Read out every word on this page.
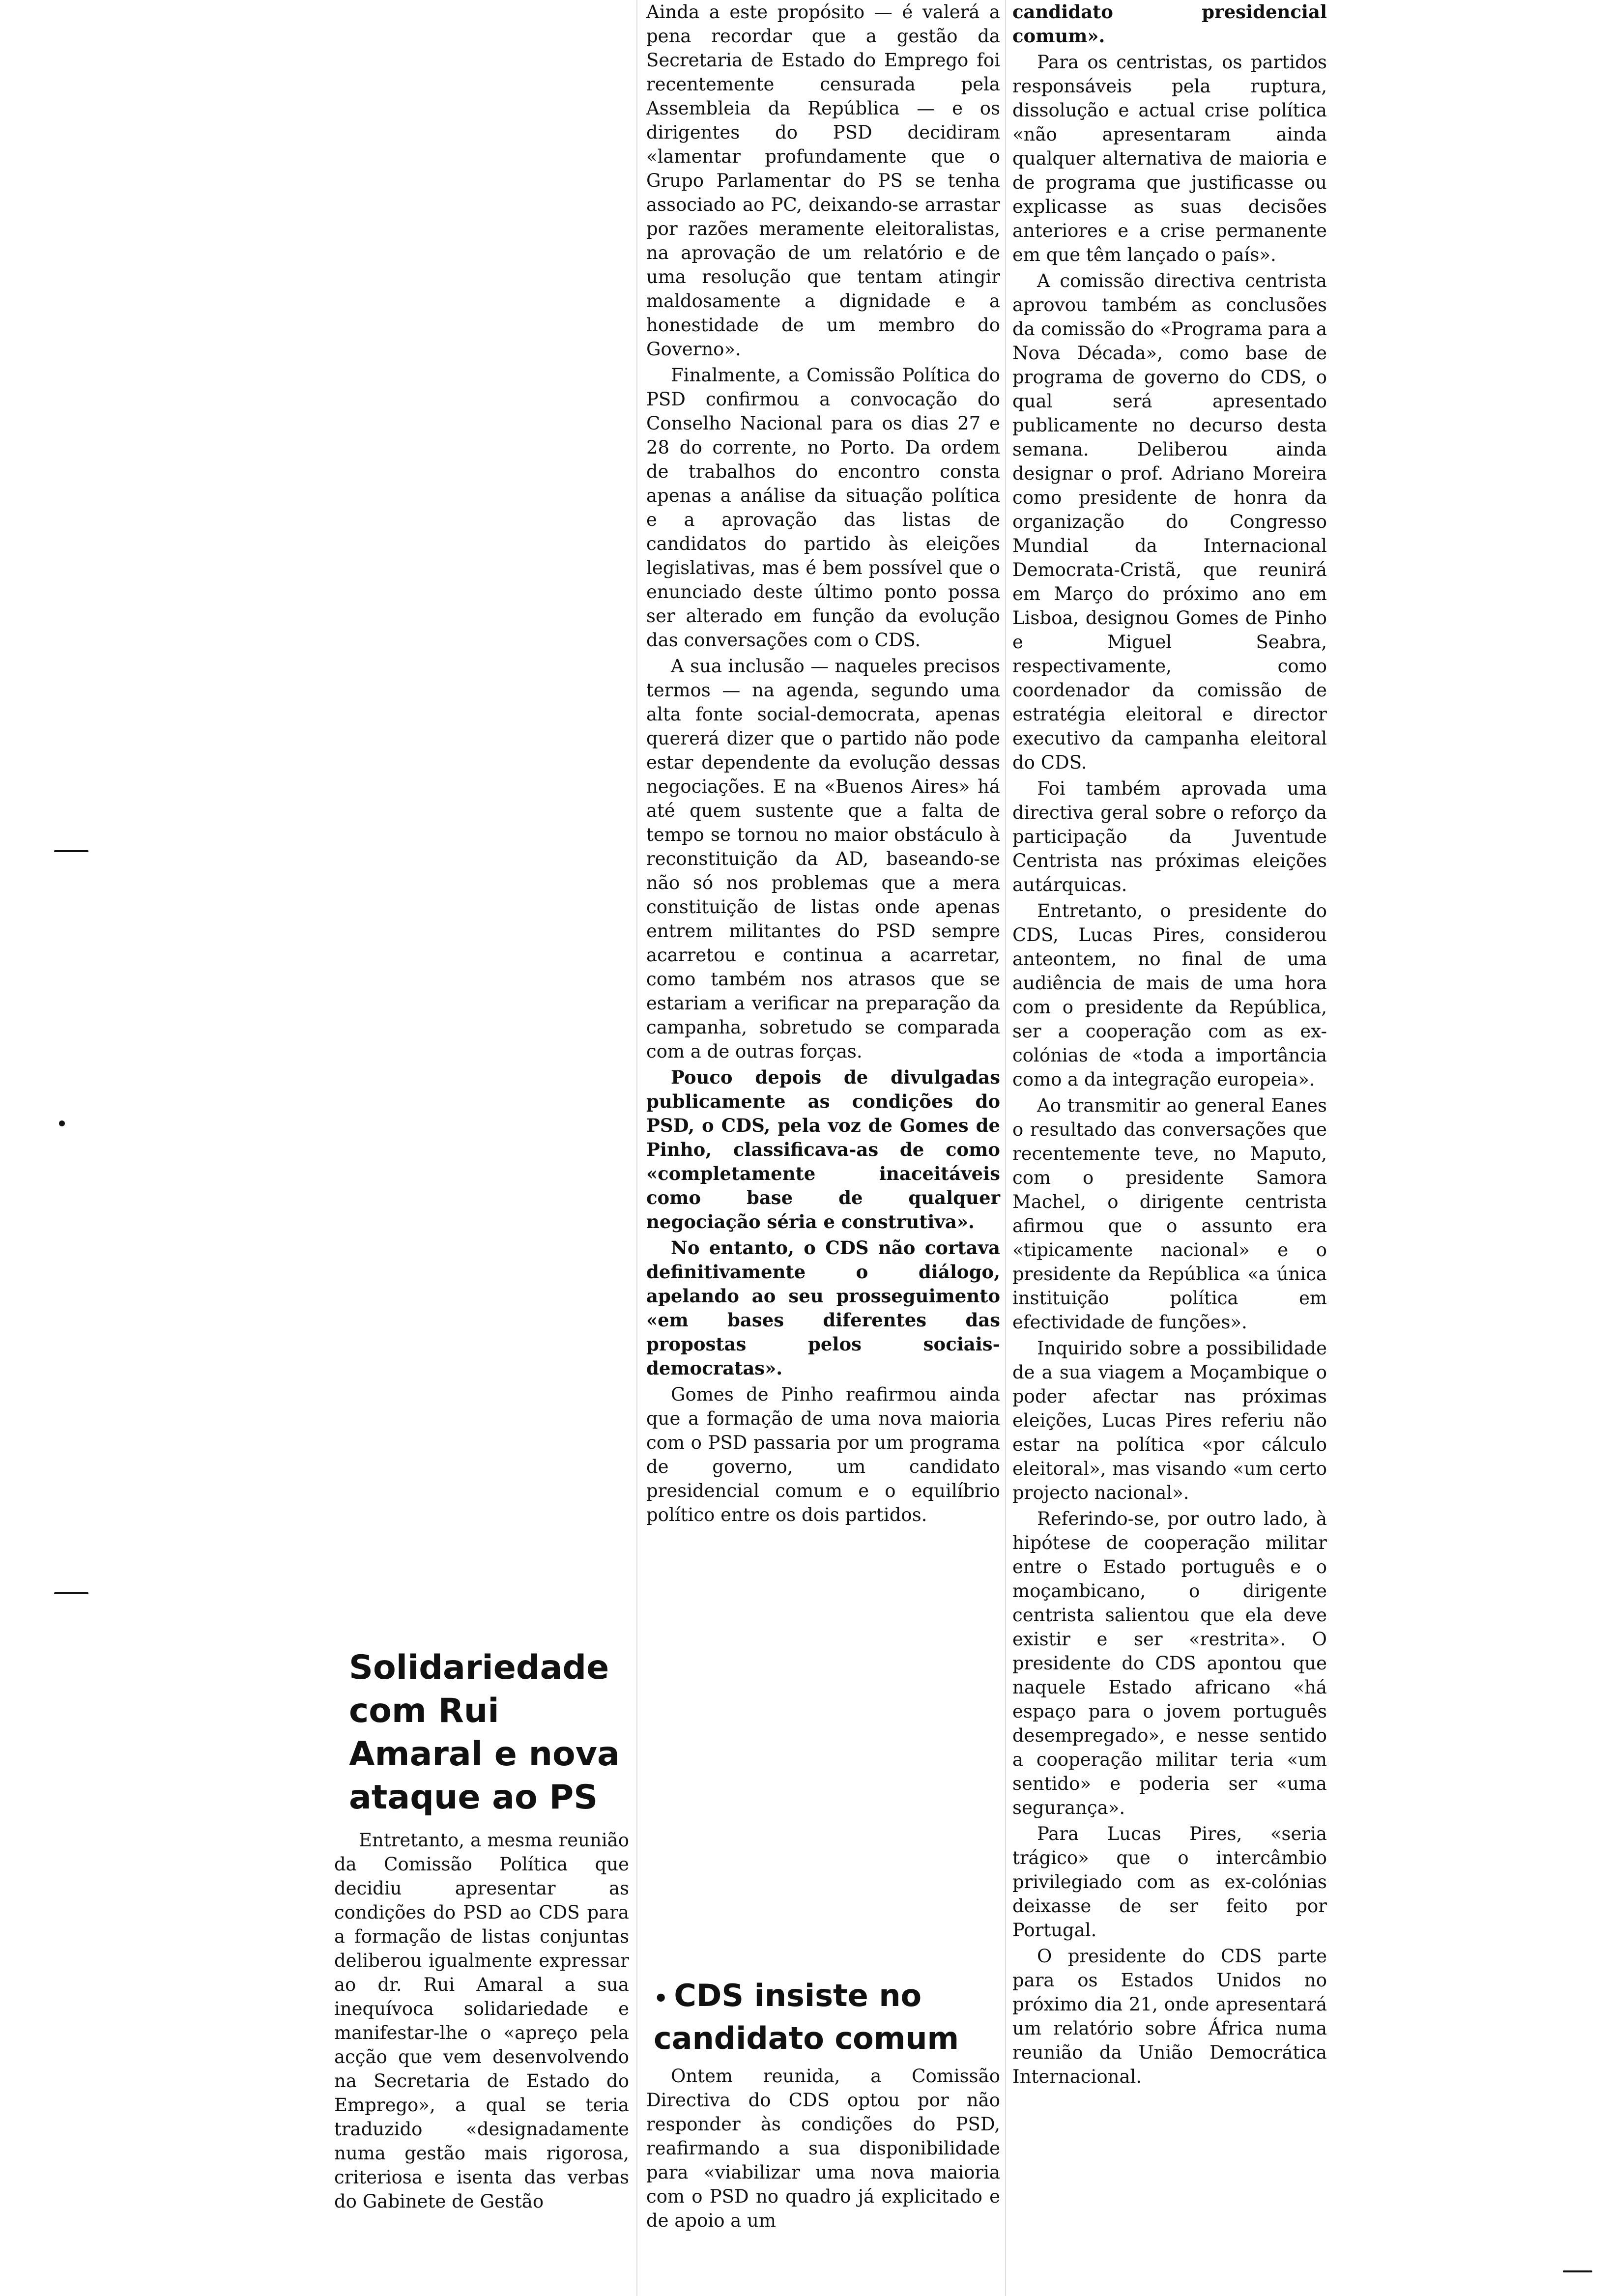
Ainda a este propósito — é valerá a pena recordar que a gestão da Secretaria de Estado do Emprego foi recentemente censurada pela Assembleia da República — e os dirigentes do PSD decidiram «lamentar profundamente que o Grupo Parlamentar do PS se tenha associado ao PC, deixando-se arrastar por razões meramente eleitoralistas, na aprovação de um relatório e de uma resolução que tentam atingir maldosamente a dignidade e a honestidade de um membro do Governo».

Finalmente, a Comissão Política do PSD confirmou a convocação do Conselho Nacional para os dias 27 e 28 do corrente, no Porto. Da ordem de trabalhos do encontro consta apenas a análise da situação política e a aprovação das listas de candidatos do partido às eleições legislativas, mas é bem possível que o enunciado deste último ponto possa ser alterado em função da evolução das conversações com o CDS.

A sua inclusão — naqueles precisos termos — na agenda, segundo uma alta fonte social-democrata, apenas quererá dizer que o partido não pode estar dependente da evolução dessas negociações. E na «Buenos Aires» há até quem sustente que a falta de tempo se tornou no maior obstáculo à reconstituição da AD, baseando-se não só nos problemas que a mera constituição de listas onde apenas entrem militantes do PSD sempre acarretou e continua a acarretar, como também nos atrasos que se estariam a verificar na preparação da campanha, sobretudo se comparada com a de outras forças.

Pouco depois de divulgadas publicamente as condições do PSD, o CDS, pela voz de Gomes de Pinho, classificava-as de como «completamente inaceitáveis como base de qualquer negociação séria e construtiva».

No entanto, o CDS não cortava definitivamente o diálogo, apelando ao seu prosseguimento «em bases diferentes das propostas pelos sociais-democratas».

Gomes de Pinho reafirmou ainda que a formação de uma nova maioria com o PSD passaria por um programa de governo, um candidato presidencial comum e o equilíbrio político entre os dois partidos.

candidato presidencial comum».

Para os centristas, os partidos responsáveis pela ruptura, dissolução e actual crise política «não apresentaram ainda qualquer alternativa de maioria e de programa que justificasse ou explicasse as suas decisões anteriores e a crise permanente em que têm lançado o país».

A comissão directiva centrista aprovou também as conclusões da comissão do «Programa para a Nova Década», como base de programa de governo do CDS, o qual será apresentado publicamente no decurso desta semana. Deliberou ainda designar o prof. Adriano Moreira como presidente de honra da organização do Congresso Mundial da Internacional Democrata-Cristã, que reunirá em Março do próximo ano em Lisboa, designou Gomes de Pinho e Miguel Seabra, respectivamente, como coordenador da comissão de estratégia eleitoral e director executivo da campanha eleitoral do CDS.

Foi também aprovada uma directiva geral sobre o reforço da participação da Juventude Centrista nas próximas eleições autárquicas.

Entretanto, o presidente do CDS, Lucas Pires, considerou anteontem, no final de uma audiência de mais de uma hora com o presidente da República, ser a cooperação com as ex-colónias de «toda a importância como a da integração europeia».

Ao transmitir ao general Eanes o resultado das conversações que recentemente teve, no Maputo, com o presidente Samora Machel, o dirigente centrista afirmou que o assunto era «tipicamente nacional» e o presidente da República «a única instituição política em efectividade de funções».

Inquirido sobre a possibilidade de a sua viagem a Moçambique o poder afectar nas próximas eleições, Lucas Pires referiu não estar na política «por cálculo eleitoral», mas visando «um certo projecto nacional».

Referindo-se, por outro lado, à hipótese de cooperação militar entre o Estado português e o moçambicano, o dirigente centrista salientou que ela deve existir e ser «restrita». O presidente do CDS apontou que naquele Estado africano «há espaço para o jovem português desempregado», e nesse sentido a cooperação militar teria «um sentido» e poderia ser «uma segurança».

Para Lucas Pires, «seria trágico» que o intercâmbio privilegiado com as ex-colónias deixasse de ser feito por Portugal.

O presidente do CDS parte para os Estados Unidos no próximo dia 21, onde apresentará um relatório sobre África numa reunião da União Democrática Internacional.

Solidariedade com Rui Amaral e nova ataque ao PS

Entretanto, a mesma reunião da Comissão Política que decidiu apresentar as condições do PSD ao CDS para a formação de listas conjuntas deliberou igualmente expressar ao dr. Rui Amaral a sua inequívoca solidariedade e manifestar-lhe o «apreço pela acção que vem desenvolvendo na Secretaria de Estado do Emprego», a qual se teria traduzido «designadamente numa gestão mais rigorosa, criteriosa e isenta das verbas do Gabinete de Gestão

• CDS insiste no candidato comum

Ontem reunida, a Comissão Directiva do CDS optou por não responder às condições do PSD, reafirmando a sua disponibilidade para «viabilizar uma nova maioria com o PSD no quadro já explicitado e de apoio a um
